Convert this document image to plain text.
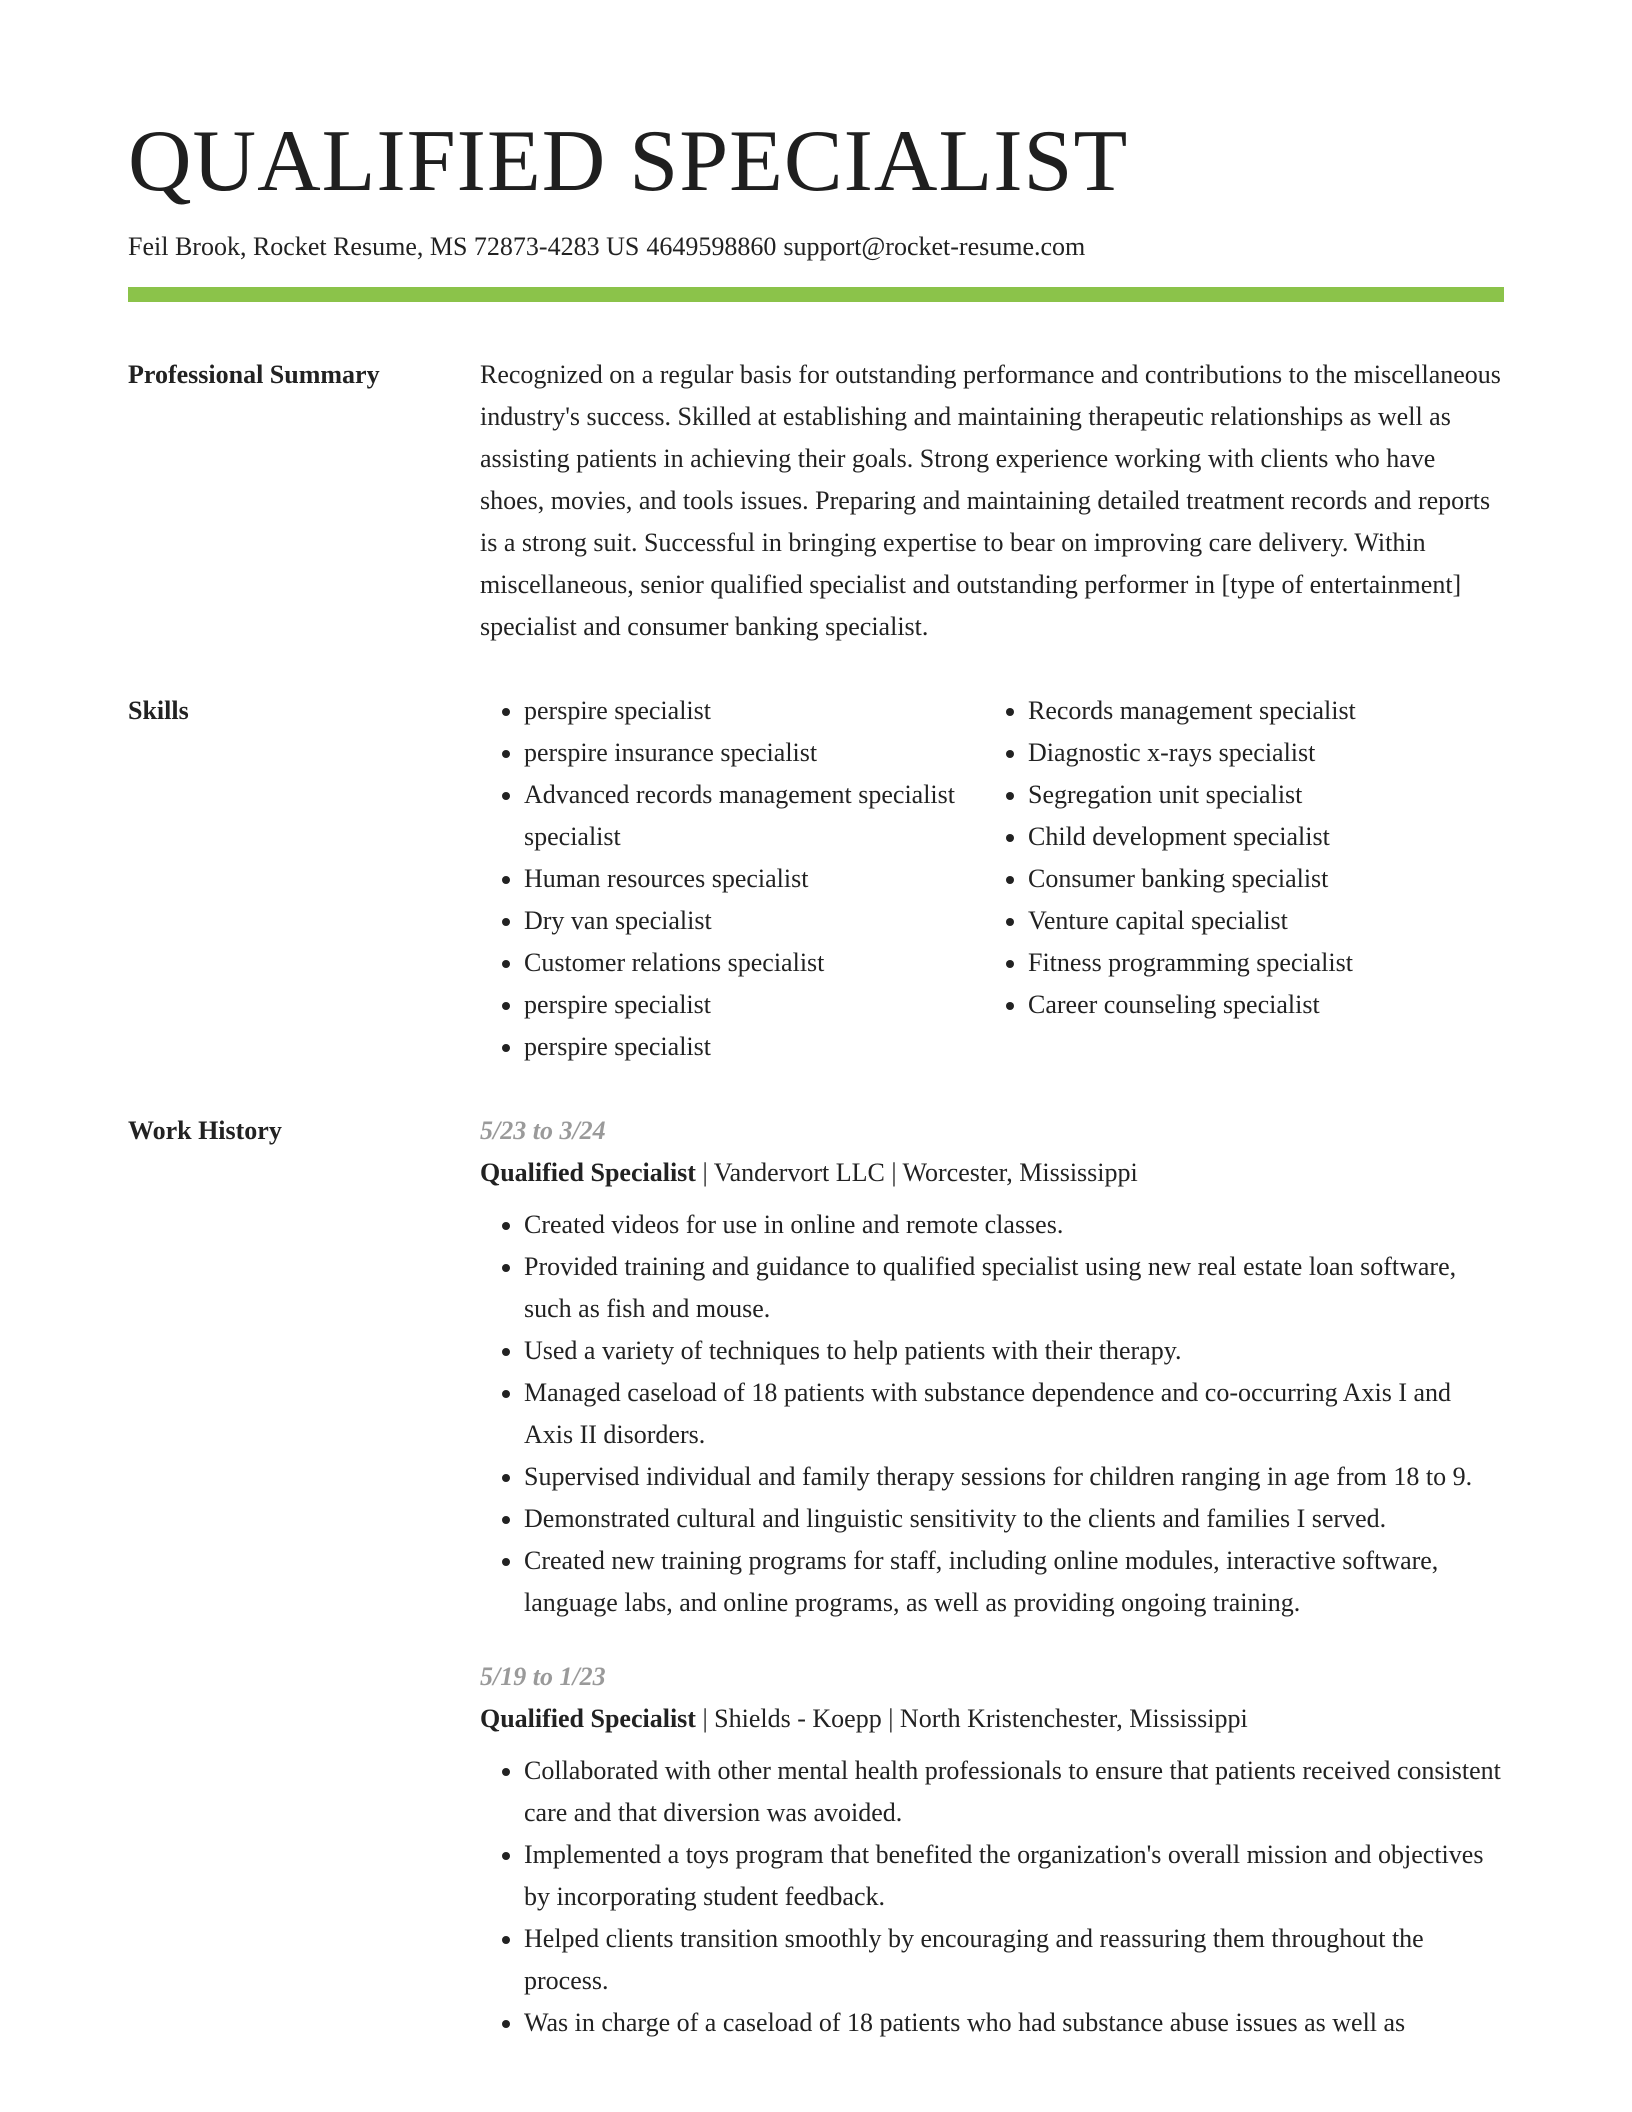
QUALIFIED SPECIALIST
Feil Brook, Rocket Resume, MS 72873-4283 US 4649598860 support@rocket-resume.com
Professional Summary	Recognized on a regular basis for outstanding performance and contributions to the miscellaneous industry's success. Skilled at establishing and maintaining therapeutic relationships as well as assisting patients in achieving their goals. Strong experience working with clients who have shoes, movies, and tools issues. Preparing and maintaining detailed treatment records and reports is a strong suit. Successful in bringing expertise to bear on improving care delivery. Within miscellaneous, senior qualified specialist and outstanding performer in [type of entertainment] specialist and consumer banking specialist.

Skills
•	perspire specialist
• perspire insurance specialist
• Advanced records management specialist specialist
• Human resources specialist
• Dry van specialist
• Customer relations specialist
• perspire specialist
• perspire specialist
• Records management specialist
• Diagnostic x-rays specialist
• Segregation unit specialist
• Child development specialist
• Consumer banking specialist
• Venture capital specialist
• Fitness programming specialist
• Career counseling specialist
Work History	5/23 to 3/24
Qualified Specialist | Vandervort LLC | Worcester, Mississippi
• Created videos for use in online and remote classes.
• Provided training and guidance to qualified specialist using new real estate loan software, such as fish and mouse.
• Used a variety of techniques to help patients with their therapy.
• Managed caseload of 18 patients with substance dependence and co-occurring Axis I and Axis II disorders.
• Supervised individual and family therapy sessions for children ranging in age from 18 to 9.
• Demonstrated cultural and linguistic sensitivity to the clients and families I served.
• Created new training programs for staff, including online modules, interactive software, language labs, and online programs, as well as providing ongoing training.
5/19 to 1/23
Qualified Specialist | Shields - Koepp | North Kristenchester, Mississippi
• Collaborated with other mental health professionals to ensure that patients received consistent care and that diversion was avoided.
• Implemented a toys program that benefited the organization's overall mission and objectives by incorporating student feedback.
• Helped clients transition smoothly by encouraging and reassuring them throughout the process.
• Was in charge of a caseload of 18 patients who had substance abuse issues as well as
